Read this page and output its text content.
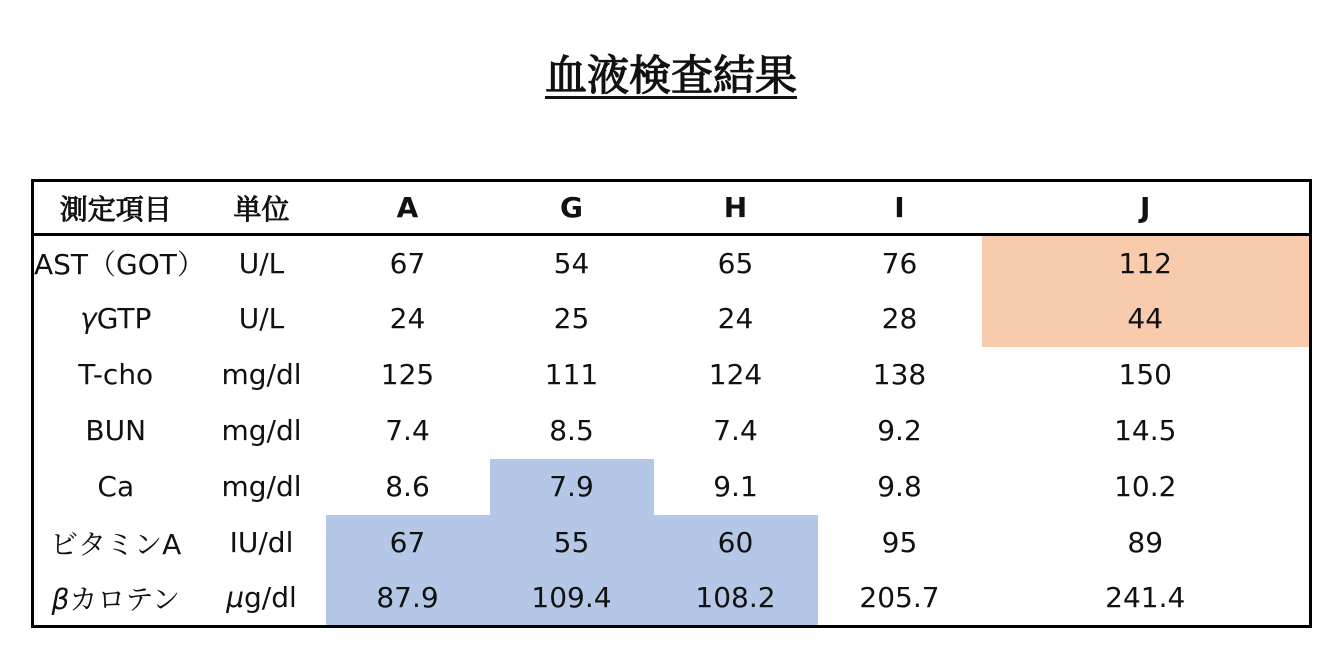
血液検査結果
測定項目	単位	A	G	H	I	J
AST（GOT）	U/L	67	54	65	76	112
γGTP	U/L	24	25	24	28	44
T-cho	mg/dl	125	111	124	138	150
BUN	mg/dl	7.4	8.5	7.4	9.2	14.5
Ca	mg/dl	8.6	7.9	9.1	9.8	10.2
ビタミンA	IU/dl	67	55	60	95	89
βカロテン	μg/dl	87.9	109.4	108.2	205.7	241.4
